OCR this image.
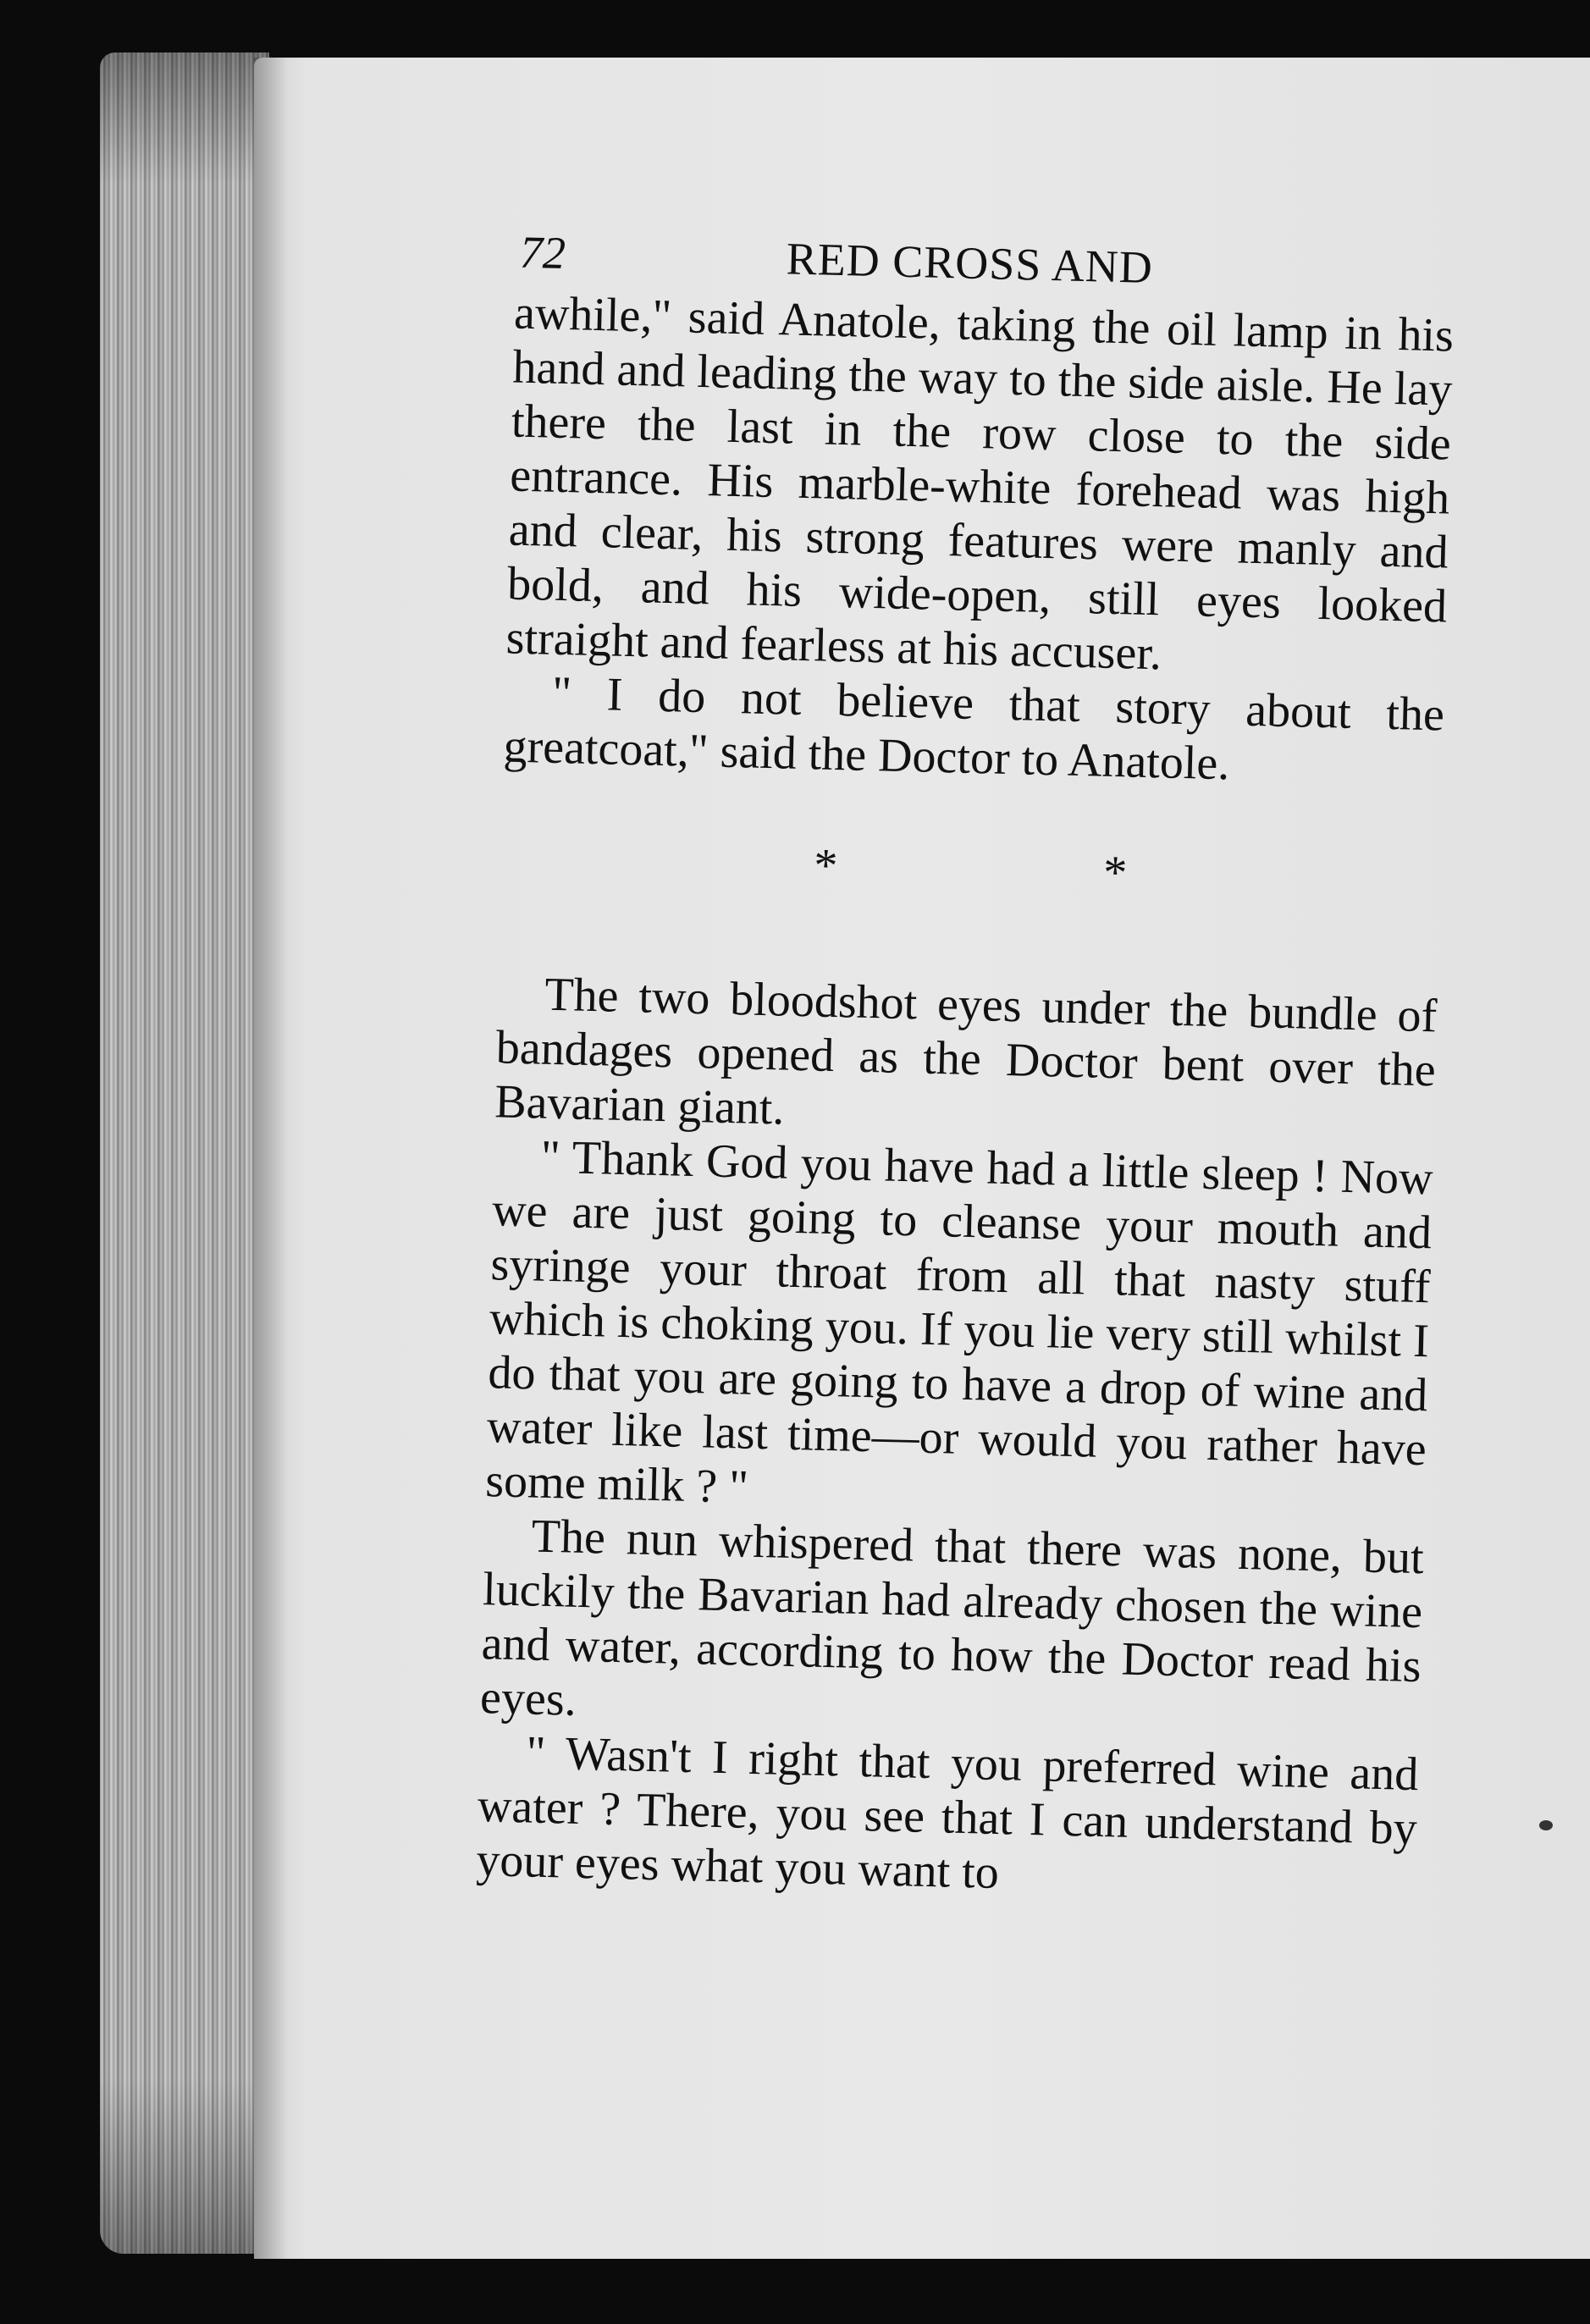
72	RED CROSS AND

awhile," said Anatole, taking the oil lamp in his hand and leading the way to the side aisle. He lay there the last in the row close to the side entrance. His marble-white forehead was high and clear, his strong features were manly and bold, and his wide-open, still eyes looked straight and fearless at his accuser.

" I do not believe that story about the greatcoat," said the Doctor to Anatole.

* *

The two bloodshot eyes under the bundle of bandages opened as the Doctor bent over the Bavarian giant.

" Thank God you have had a little sleep ! Now we are just going to cleanse your mouth and syringe your throat from all that nasty stuff which is choking you. If you lie very still whilst I do that you are going to have a drop of wine and water like last time—or would you rather have some milk ? "

The nun whispered that there was none, but luckily the Bavarian had already chosen the wine and water, according to how the Doctor read his eyes.

" Wasn't I right that you preferred wine and water ? There, you see that I can understand by your eyes what you want to
